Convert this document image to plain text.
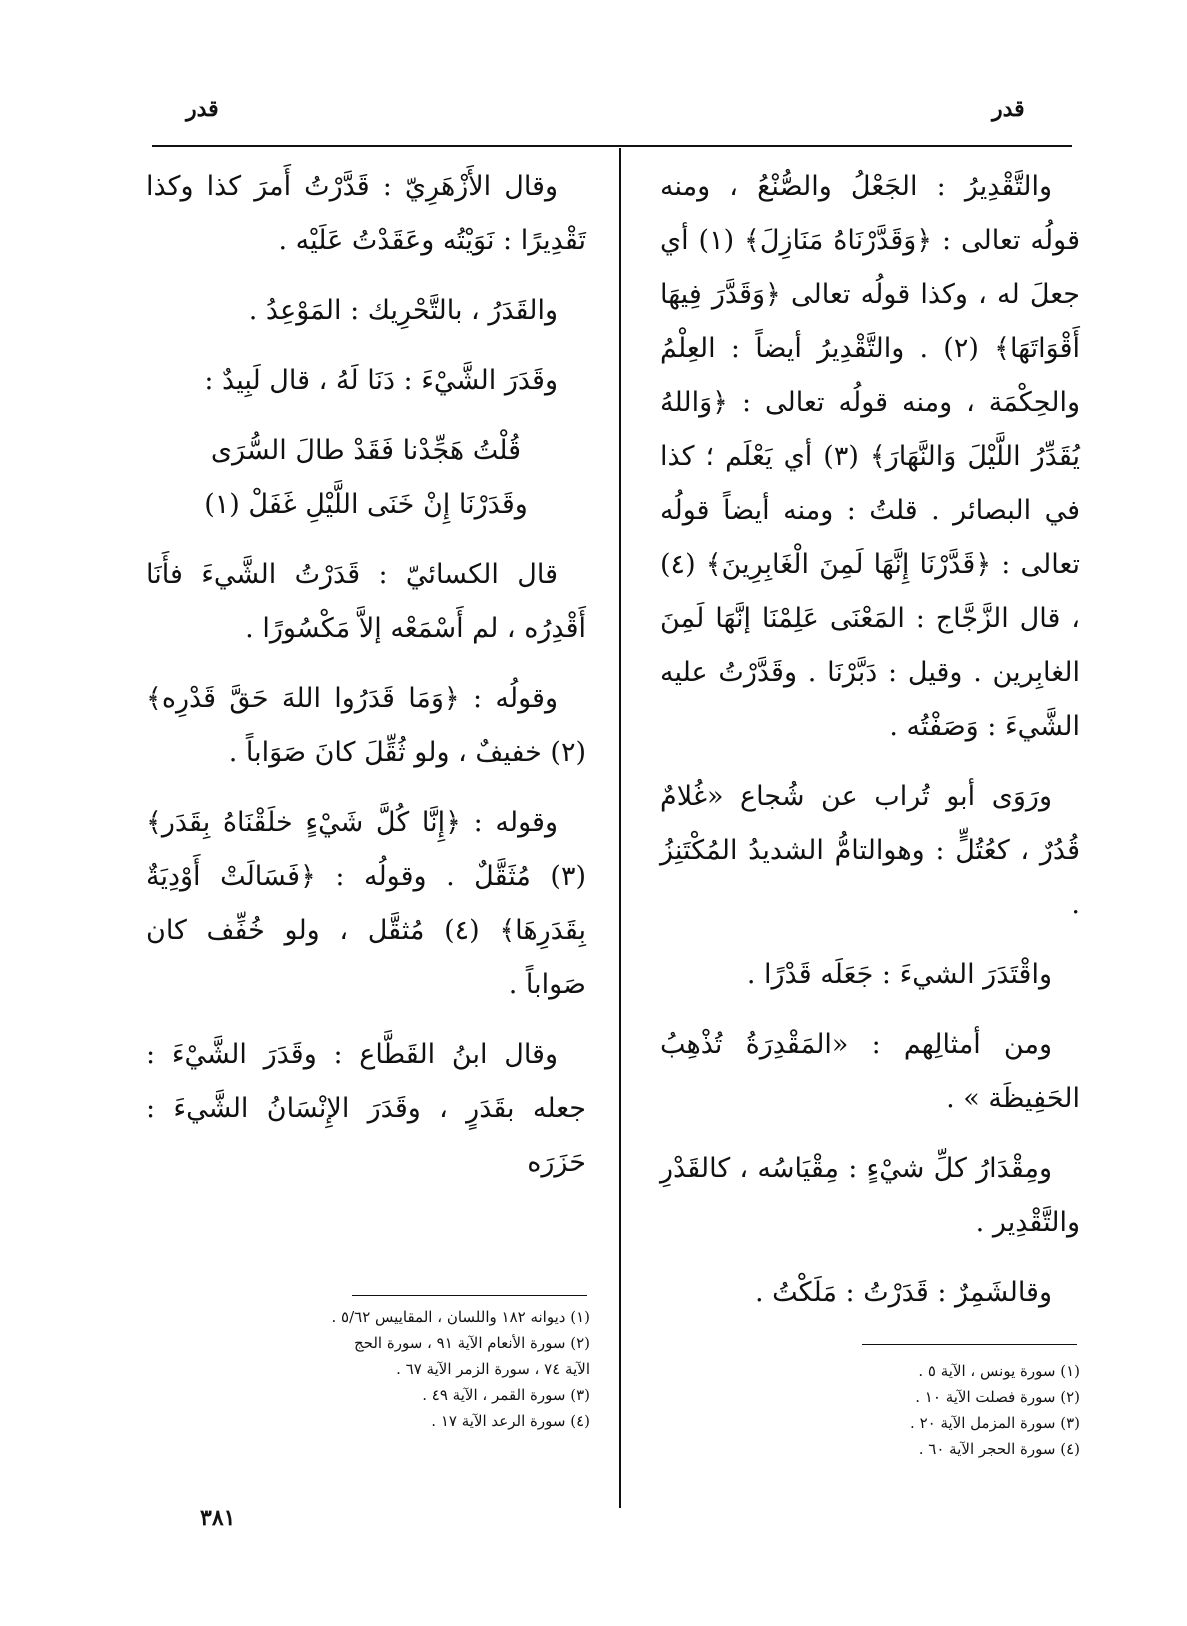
قدر
قدر

والتَّقْدِيرُ : الجَعْلُ والصُّنْعُ ، ومنه قولُه تعالى : ﴿وَقَدَّرْنَاهُ مَنَازِلَ﴾ (١) أي جعلَ له ، وكذا قولُه تعالى ﴿وَقَدَّرَ فِيهَا أَقْوَاتَهَا﴾ (٢) . والتَّقْدِيرُ أيضاً : العِلْمُ والحِكْمَة ، ومنه قولُه تعالى : ﴿وَاللهُ يُقَدِّرُ اللَّيْلَ وَالنَّهَارَ﴾ (٣) أي يَعْلَم ؛ كذا في البصائر . قلتُ : ومنه أيضاً قولُه تعالى : ﴿قَدَّرْنَا إِنَّهَا لَمِنَ الْغَابِرِينَ﴾ (٤) ، قال الزَّجَّاج : المَعْنَى عَلِمْنَا إنَّهَا لَمِنَ الغابِرين . وقيل : دَبَّرْنَا . وقَدَّرْتُ عليه الشَّيءَ : وَصَفْتُه .

ورَوَى أبو تُراب عن شُجاع «غُلامٌ قُدُرٌ ، كعُتُلٍّ : وهوالتامُّ الشديدُ المُكْتَنِزُ .

واقْتَدَرَ الشيءَ : جَعَلَه قَدْرًا .

ومن أمثالِهم : «المَقْدِرَةُ تُذْهِبُ الحَفِيظَة » .

ومِقْدَارُ كلِّ شيْءٍ : مِقْيَاسُه ، كالقَدْرِ والتَّقْدِير .

وقالشَمِرٌ : قَدَرْتُ : مَلَكْتُ .

(١) سورة يونس ، الآية ٥ .
(٢) سورة فصلت الآية ١٠ .
(٣) سورة المزمل الآية ٢٠ .
(٤) سورة الحجر الآية ٦٠ .

وقال الأَزْهَرِيّ : قَدَّرْتُ أَمرَ كذا وكذا تَقْدِيرًا : نَوَيْتُه وعَقَدْتُ عَلَيْه .

والقَدَرُ ، بالتَّحْرِيك : المَوْعِدُ .

وقَدَرَ الشَّيْءَ : دَنَا لَهُ ، قال لَبِيدٌ :

قُلْتُ هَجِّدْنا فَقَدْ طالَ السُّرَى

وقَدَرْنَا إِنْ خَنَى اللَّيْلِ غَفَلْ (١)

قال الكسائيّ : قَدَرْتُ الشَّيءَ فأَنَا أَقْدِرُه ، لم أَسْمَعْه إلاَّ مَكْسُورًا .

وقولُه : ﴿وَمَا قَدَرُوا اللهَ حَقَّ قَدْرِه﴾ (٢) خفيفٌ ، ولو ثُقِّلَ كانَ صَوَاباً .

وقوله : ﴿إِنَّا كُلَّ شَيْءٍ خلَقْنَاهُ بِقَدَر﴾ (٣) مُثَقَّلٌ . وقولُه : ﴿فَسَالَتْ أَوْدِيَةٌ بِقَدَرِهَا﴾ (٤) مُثقَّل ، ولو خُفِّف كان صَواباً .

وقال ابنُ القَطَّاع : وقَدَرَ الشَّيْءَ : جعله بقَدَرٍ ، وقَدَرَ الإِنْسَانُ الشَّيءَ : حَزَرَه

(١) ديوانه ١٨٢ واللسان ، المقاييس ٥/٦٢ .
(٢) سورة الأنعام الآية ٩١ ، سورة الحج الآية ٧٤ ، سورة الزمر الآية ٦٧ .
(٣) سورة القمر ، الآية ٤٩ .
(٤) سورة الرعد الآية ١٧ .
٣٨١
